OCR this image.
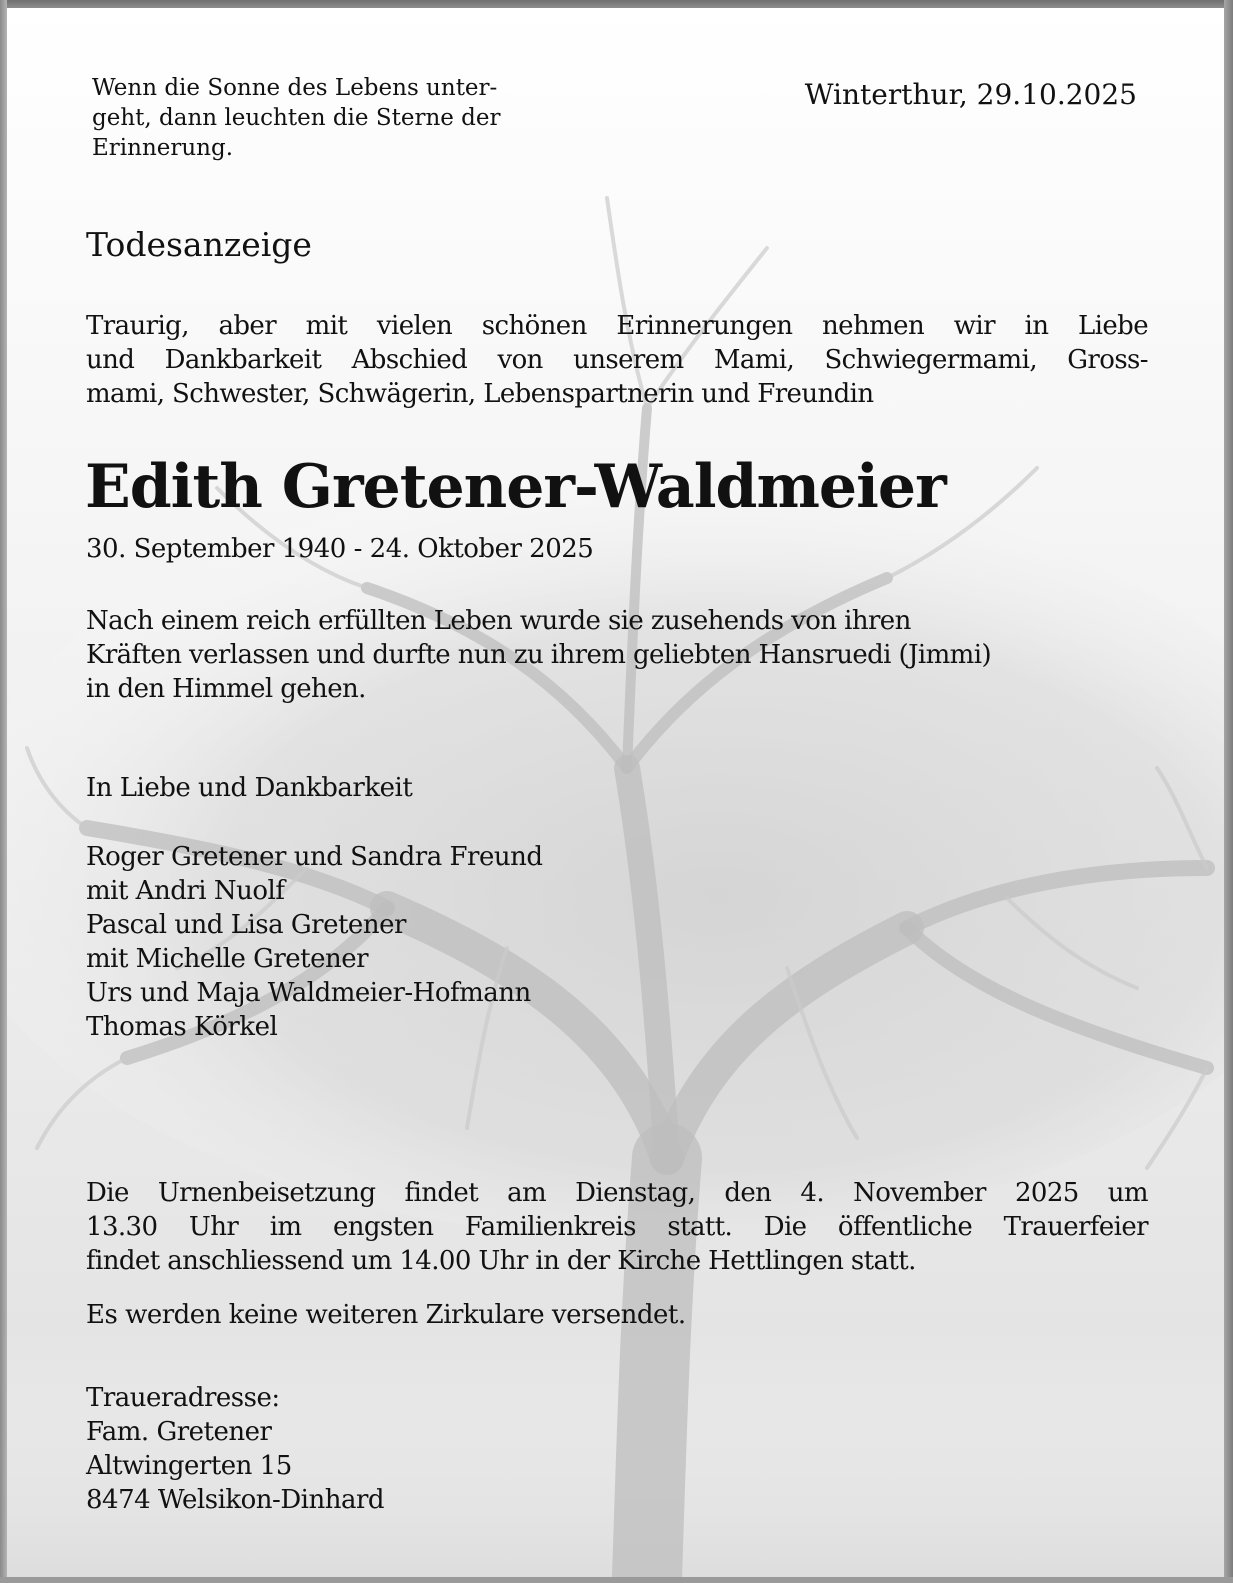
Wenn die Sonne des Lebens unter-
geht, dann leuchten die Sterne der
Erinnerung.
Winterthur, 29.10.2025
Todesanzeige
Traurig, aber mit vielen schönen Erinnerungen nehmen wir in Liebe
und Dankbarkeit Abschied von unserem Mami, Schwiegermami, Gross-
mami, Schwester, Schwägerin, Lebenspartnerin und Freundin
Edith Gretener-Waldmeier
30. September 1940 - 24. Oktober 2025
Nach einem reich erfüllten Leben wurde sie zusehends von ihren
Kräften verlassen und durfte nun zu ihrem geliebten Hansruedi (Jimmi)
in den Himmel gehen.
In Liebe und Dankbarkeit
Roger Gretener und Sandra Freund
mit Andri Nuolf
Pascal und Lisa Gretener
mit Michelle Gretener
Urs und Maja Waldmeier-Hofmann
Thomas Körkel
Die Urnenbeisetzung findet am Dienstag, den 4. November 2025 um
13.30 Uhr im engsten Familienkreis statt. Die öffentliche Trauerfeier
findet anschliessend um 14.00 Uhr in der Kirche Hettlingen statt.
Es werden keine weiteren Zirkulare versendet.
Traueradresse:
Fam. Gretener
Altwingerten 15
8474 Welsikon-Dinhard
